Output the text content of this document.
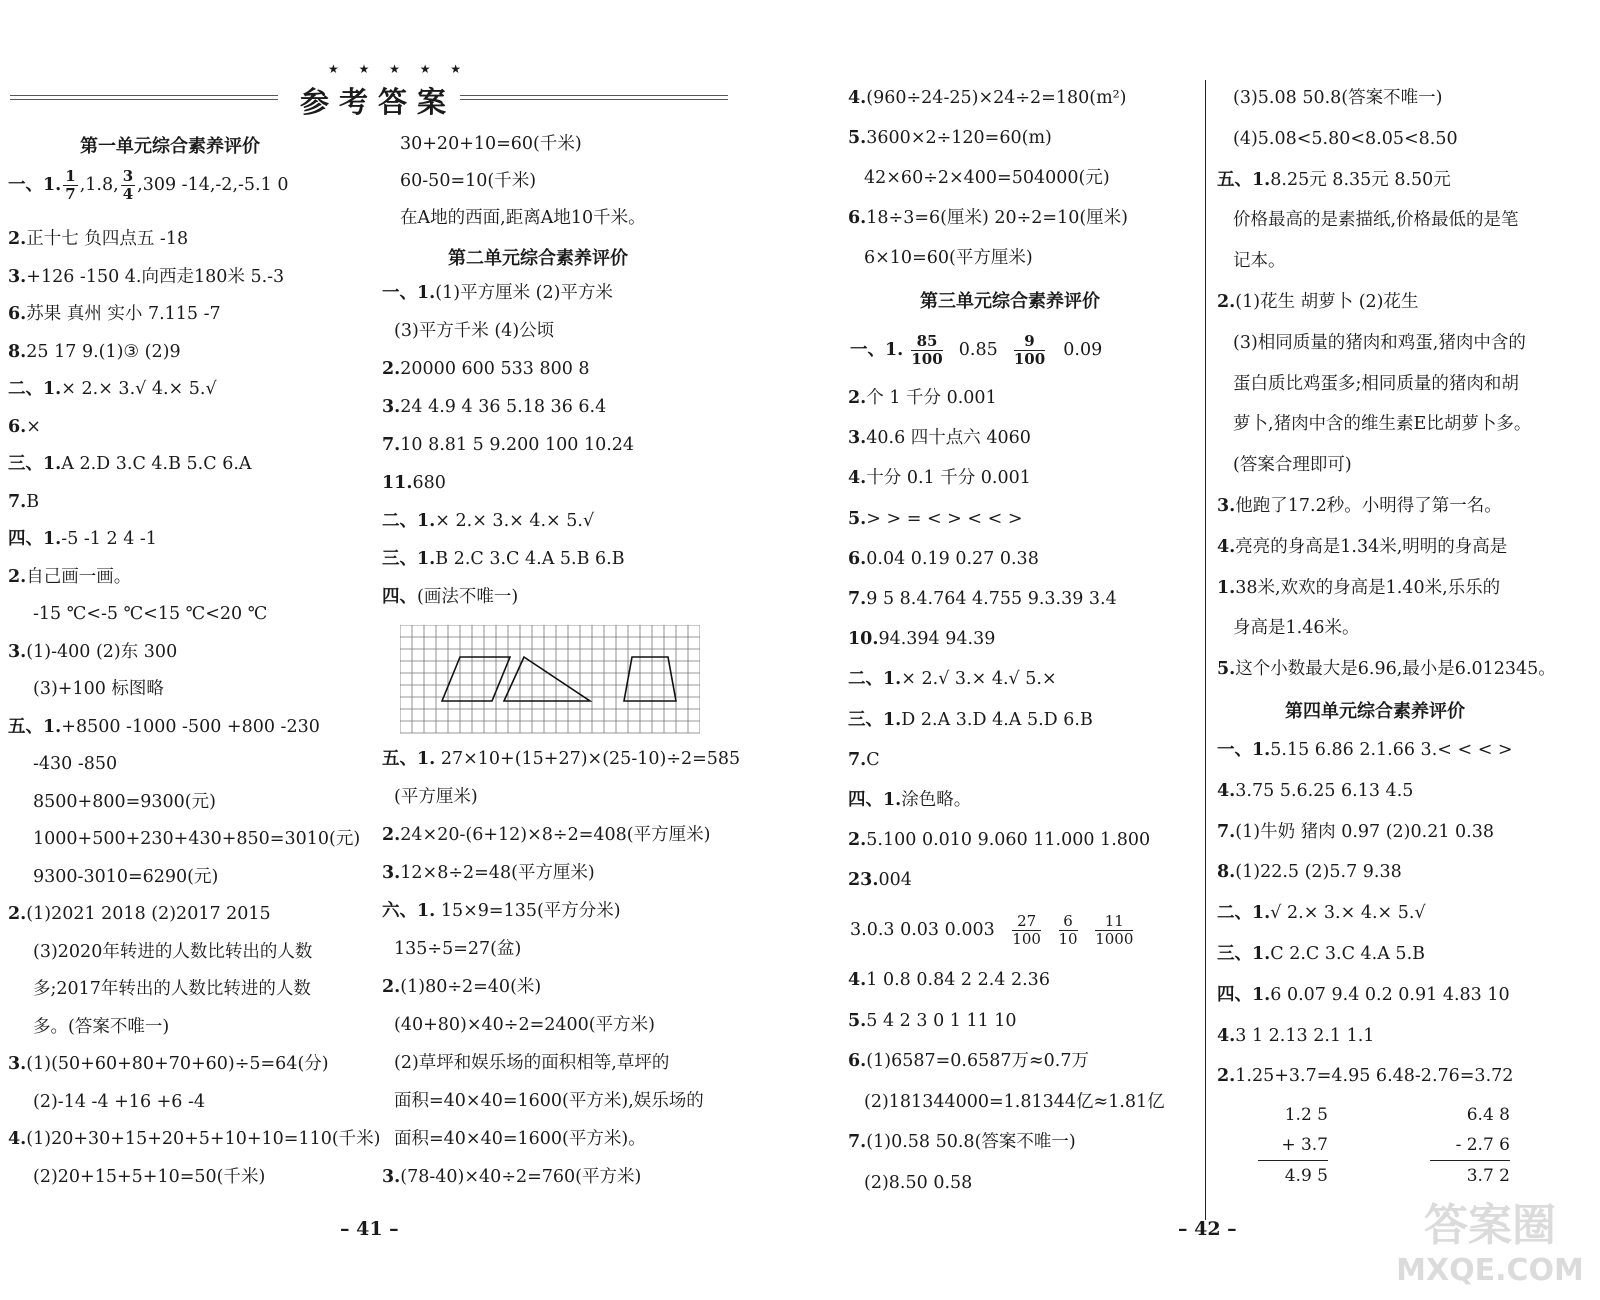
★ ★ ★ ★ ★
参考答案
第一单元综合素养评价
一、1. $\frac{1}{7} ,1.8$, $\frac{3}{4} ,309$ -14,-2,-5.1 0
2.正十七 负四点五 -18
3.+126 -150 4.向西走180米 5.-3
6.苏果 真州 实小 7.115 -7
8.25 17 9.(1)③ (2)9
二、1.× 2.× 3.√ 4.× 5.√
6.×
三、1.A 2.D 3.C 4.B 5.C 6.A
7.B
四、1.-5 -1 2 4 -1
2.自己画一画。
-15 ℃<-5 ℃<15 ℃<20 ℃
3.(1)-400 (2)东 300
(3)+100 标图略
五、1.+8500 -1000 -500 +800 -230
-430 -850
8500+800=9300(元)
1000+500+230+430+850=3010(元)
9300-3010=6290(元)
2.(1)2021 2018 (2)2017 2015
(3)2020年转进的人数比转出的人数
多;2017年转出的人数比转进的人数
多。(答案不唯一)
3.(1)(50+60+80+70+60)÷5=64(分)
(2)-14 -4 +16 +6 -4
4.(1)20+30+15+20+5+10+10=110(千米)
(2)20+15+5+10=50(千米)
30+20+10=60(千米)
60-50=10(千米)
在A地的西面,距离A地10千米。
第二单元综合素养评价
一、1.(1)平方厘米 (2)平方米
(3)平方千米 (4)公顷
2.20000 600 533 800 8
3.24 4.9 4 36 5.18 36 6.4
7.10 8.81 5 9.200 100 10.24
11.680
二、1.× 2.× 3.× 4.× 5.√
三、1.B 2.C 3.C 4.A 5.B 6.B
四、(画法不唯一)
五、1. 27×10+(15+27)×(25-10)÷2=585
(平方厘米)
2.24×20-(6+12)×8÷2=408(平方厘米)
3.12×8÷2=48(平方厘米)
六、1. 15×9=135(平方分米)
135÷5=27(盆)
2.(1)80÷2=40(米)
(40+80)×40÷2=2400(平方米)
(2)草坪和娱乐场的面积相等,草坪的
面积=40×40=1600(平方米),娱乐场的
面积=40×40=1600(平方米)。
3.(78-40)×40÷2=760(平方米)
– 41 –
4.(960÷24-25)×24÷2=180(m²)
5.3600×2÷120=60(m)
42×60÷2×400=504000(元)
6.18÷3=6(厘米) 20÷2=10(厘米)
6×10=60(平方厘米)
第三单元综合素养评价
一、1. $\frac{85}{100} 0.85 \frac{9}{100} 0.09$
2.个 1 千分 0.001
3.40.6 四十点六 4060
4.十分 0.1 千分 0.001
5.> > = < > < < >
6.0.04 0.19 0.27 0.38
7.9 5 8.4.764 4.755 9.3.39 3.4
10.94.394 94.39
二、1.× 2.√ 3.× 4.√ 5.×
三、1.D 2.A 3.D 4.A 5.D 6.B
7.C
四、1.涂色略。
2.5.100 0.010 9.060 11.000 1.800
23.004
3.0.3 0.03 $0.003 \frac{27}{100}$
$\frac{6}{10}$
$\frac{11}{1000}$
4.1 0.8 0.84 2 2.4 2.36
5.5 4 2 3 0 1 11 10
6.(1)6587=0.6587万≈0.7万
(2)181344000=1.81344亿≈1.81亿
7.(1)0.58 50.8(答案不唯一)
(2)8.50 0.58
(3)5.08 50.8(答案不唯一)
(4)5.08<5.80<8.05<8.50
五、1.8.25元 8.35元 8.50元
价格最高的是素描纸,价格最低的是笔
记本。
2.(1)花生 胡萝卜 (2)花生
(3)相同质量的猪肉和鸡蛋,猪肉中含的
蛋白质比鸡蛋多;相同质量的猪肉和胡
萝卜,猪肉中含的维生素E比胡萝卜多。
(答案合理即可)
3.他跑了17.2秒。小明得了第一名。
4.亮亮的身高是1.34米,明明的身高是
1.38米,欢欢的身高是1.40米,乐乐的
身高是1.46米。
5.这个小数最大是6.96,最小是6.012345。
第四单元综合素养评价
一、1.5.15 6.86 2.1.66 3.< < < >
4.3.75 5.6.25 6.13 4.5
7.(1)牛奶 猪肉 0.97 (2)0.21 0.38
8.(1)22.5 (2)5.7 9.38
二、1.√ 2.× 3.× 4.× 5.√
三、1.C 2.C 3.C 4.A 5.B
四、1.6 0.07 9.4 0.2 0.91 4.83 10
4.3 1 2.13 2.1 1.1
2.1.25+3.7=4.95 6.48-2.76=3.72
1.2 5
+ 3.7
4.9 5
6.4 8
- 2.7 6
3.7 2
– 42 –	答案圈
MXQE.COM
